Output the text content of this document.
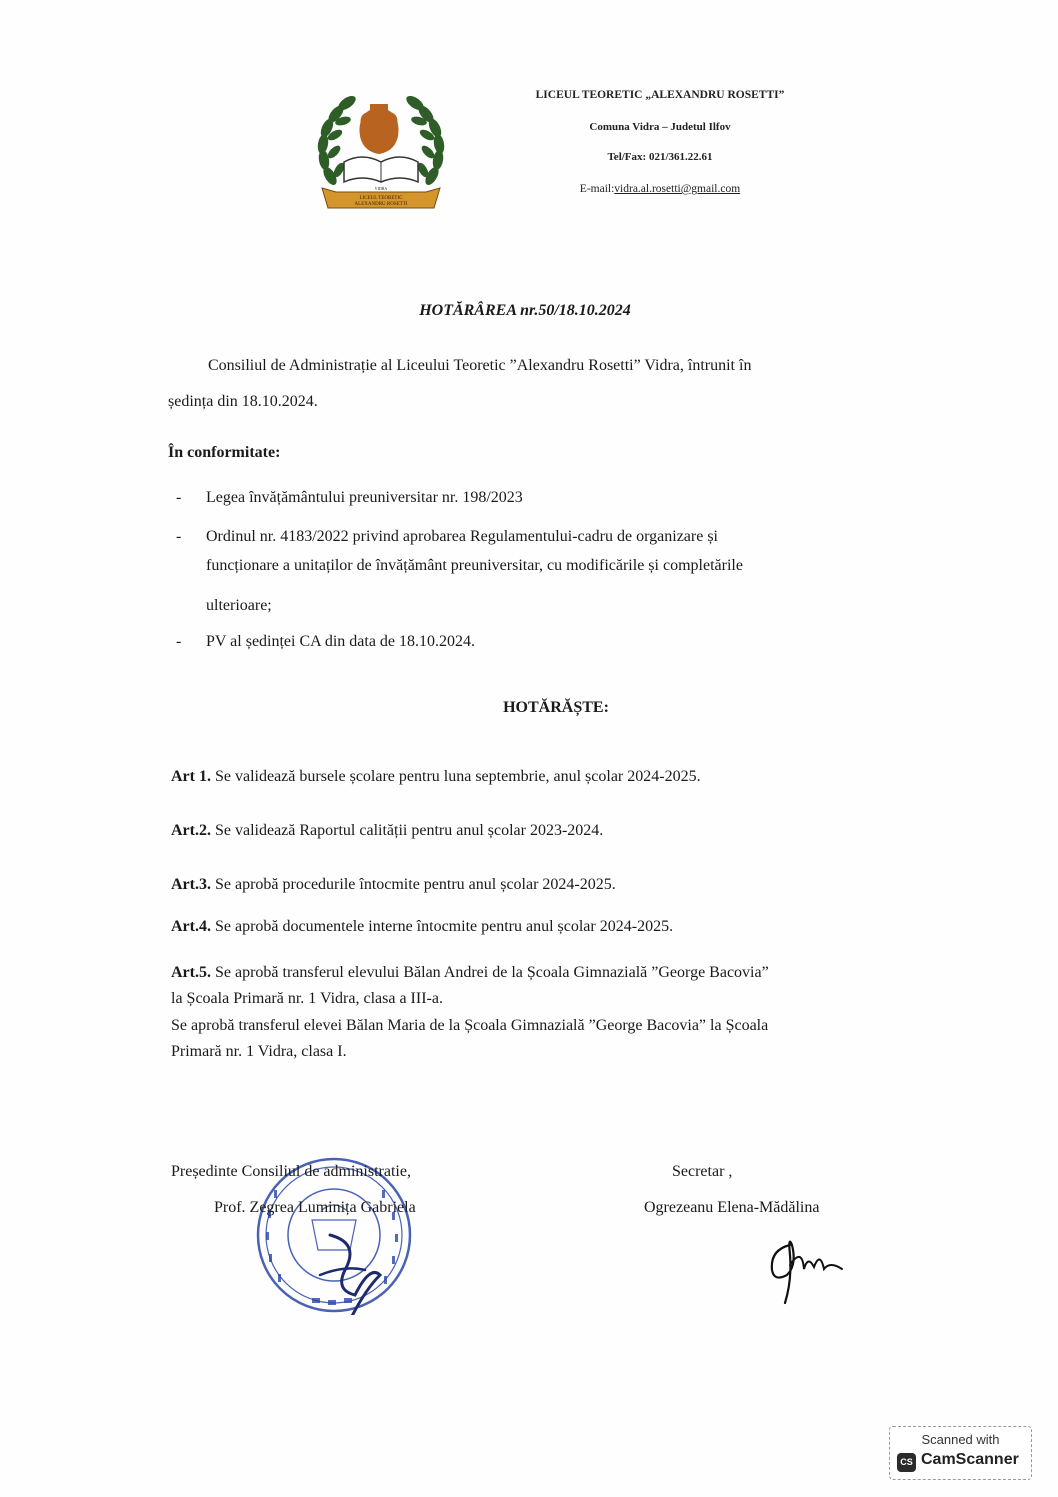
VIDRA
LICEUL TEORETIC
ALEXANDRU ROSETTI
LICEUL TEORETIC „ALEXANDRU ROSETTI”
Comuna Vidra – Judetul Ilfov
Tel/Fax: 021/361.22.61
E-mail:vidra.al.rosetti@gmail.com
HOTĂRÂREA nr.50/18.10.2024
Consiliul de Administrație al Liceului Teoretic ”Alexandru Rosetti” Vidra, întrunit în
ședința din 18.10.2024.
În conformitate:
- Legea învățământului preuniversitar nr. 198/2023
- Ordinul nr. 4183/2022 privind aprobarea Regulamentului-cadru de organizare și
funcționare a unitaților de învățământ preuniversitar, cu modificările și completările
ulterioare;
- PV al ședinței CA din data de 18.10.2024.
HOTĂRĂȘTE:
Art 1. Se validează bursele școlare pentru luna septembrie, anul școlar 2024-2025.
Art.2. Se validează Raportul calității pentru anul școlar 2023-2024.
Art.3. Se aprobă procedurile întocmite pentru anul școlar 2024-2025.
Art.4. Se aprobă documentele interne întocmite pentru anul școlar 2024-2025.
Art.5. Se aprobă transferul elevului Bălan Andrei de la Școala Gimnazială ”George Bacovia”
la Școala Primară nr. 1 Vidra, clasa a III-a.
Se aprobă transferul elevei Bălan Maria de la Școala Gimnazială ”George Bacovia” la Școala
Primară nr. 1 Vidra, clasa I.
Președinte Consiliul de administratie,
Prof. Zegrea Luminița Gabriela
Secretar ,
Ogrezeanu Elena-Mădălina
Scanned with
CS CamScanner
